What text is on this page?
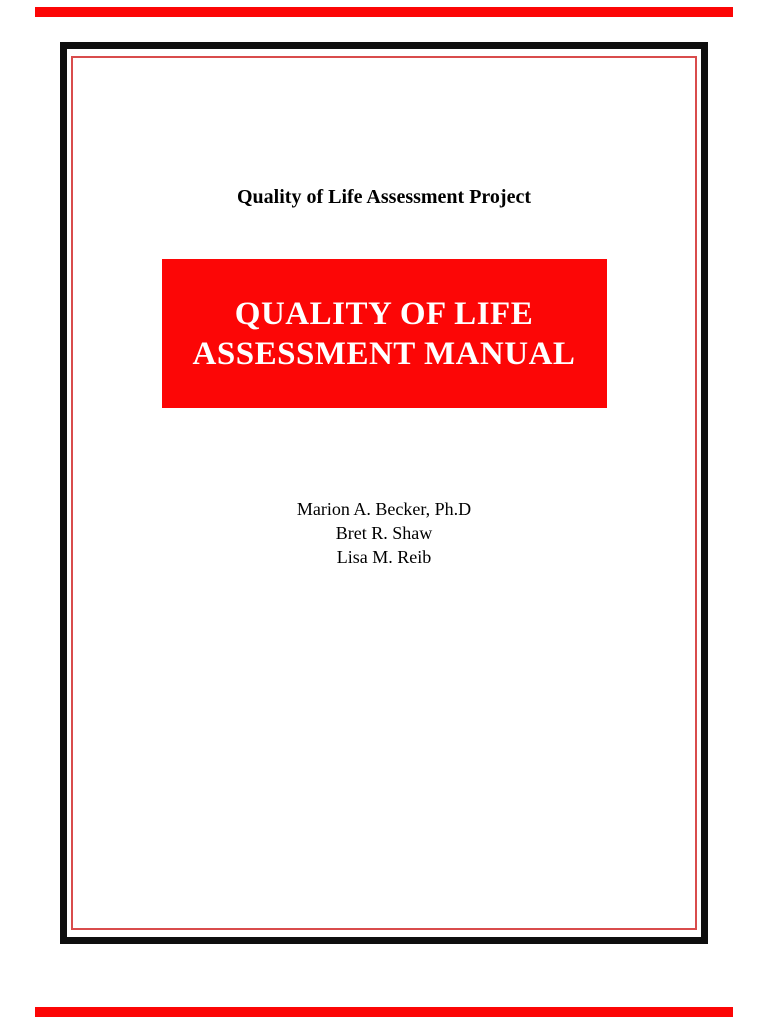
Quality of Life Assessment Project
QUALITY OF LIFE
ASSESSMENT MANUAL
Marion A. Becker, Ph.D
Bret R. Shaw
Lisa M. Reib
